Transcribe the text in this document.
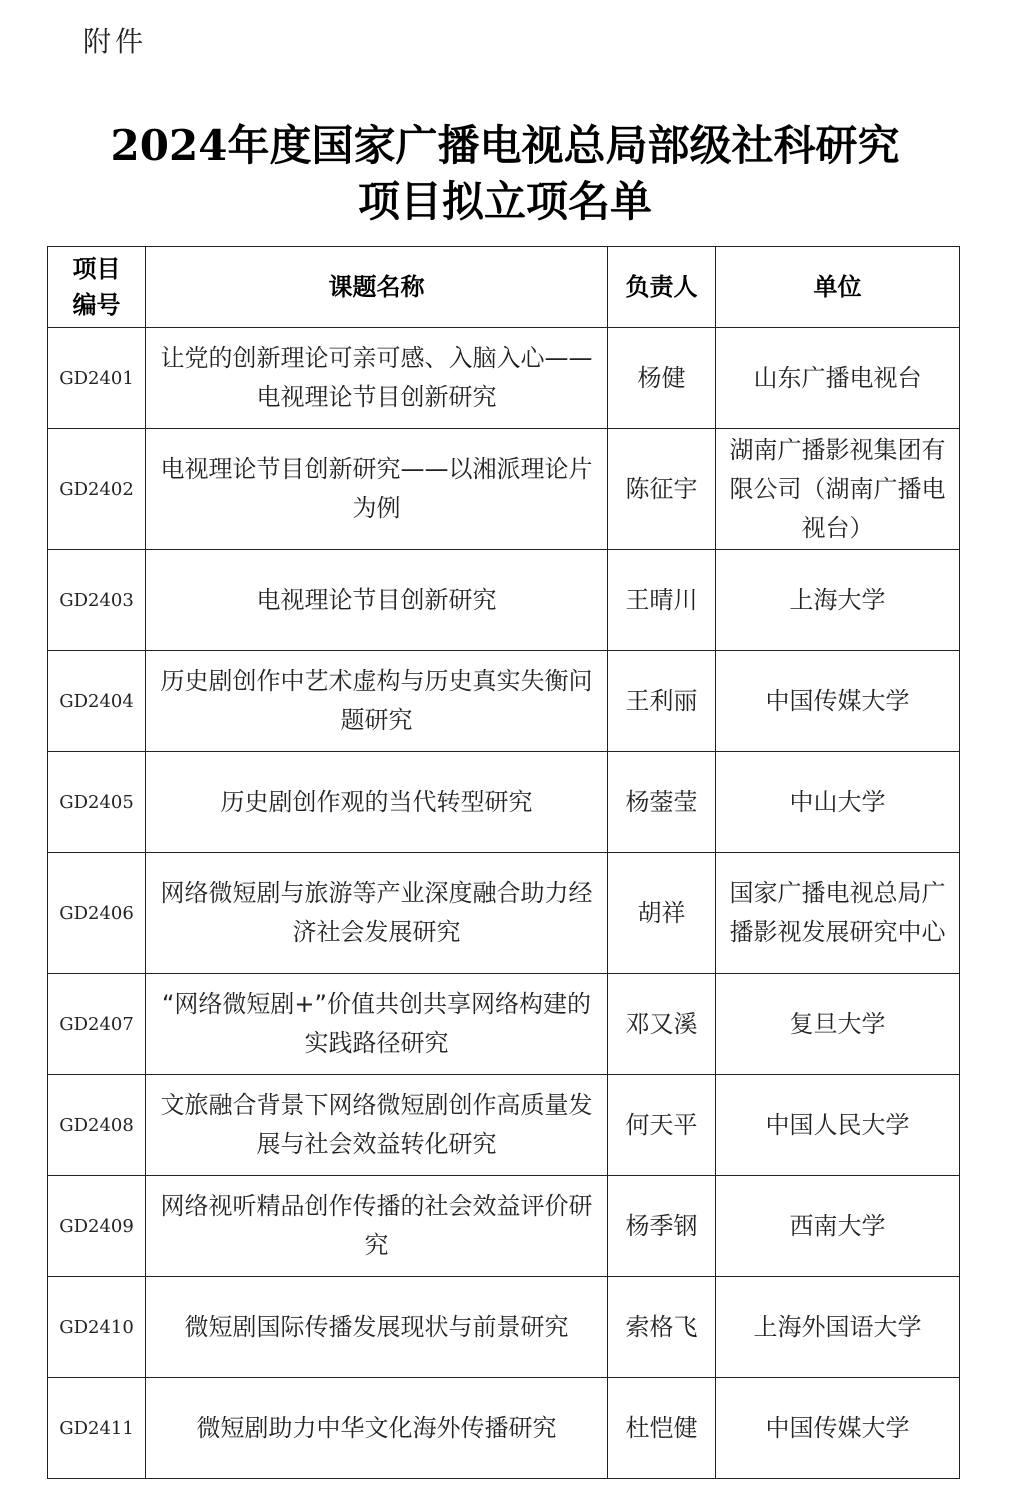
附件
2024年度国家广播电视总局部级社科研究
项目拟立项名单
项目
编号	课题名称	负责人	单位
GD2401	让党的创新理论可亲可感、入脑入心——电视理论节目创新研究	杨健	山东广播电视台
GD2402	电视理论节目创新研究——以湘派理论片为例	陈征宇	湖南广播影视集团有限公司（湖南广播电视台）
GD2403	电视理论节目创新研究	王晴川	上海大学
GD2404	历史剧创作中艺术虚构与历史真实失衡问题研究	王利丽	中国传媒大学
GD2405	历史剧创作观的当代转型研究	杨蓥莹	中山大学
GD2406	网络微短剧与旅游等产业深度融合助力经济社会发展研究	胡祥	国家广播电视总局广播影视发展研究中心
GD2407	“网络微短剧+”价值共创共享网络构建的实践路径研究	邓又溪	复旦大学
GD2408	文旅融合背景下网络微短剧创作高质量发展与社会效益转化研究	何天平	中国人民大学
GD2409	网络视听精品创作传播的社会效益评价研究	杨季钢	西南大学
GD2410	微短剧国际传播发展现状与前景研究	索格飞	上海外国语大学
GD2411	微短剧助力中华文化海外传播研究	杜恺健	中国传媒大学
